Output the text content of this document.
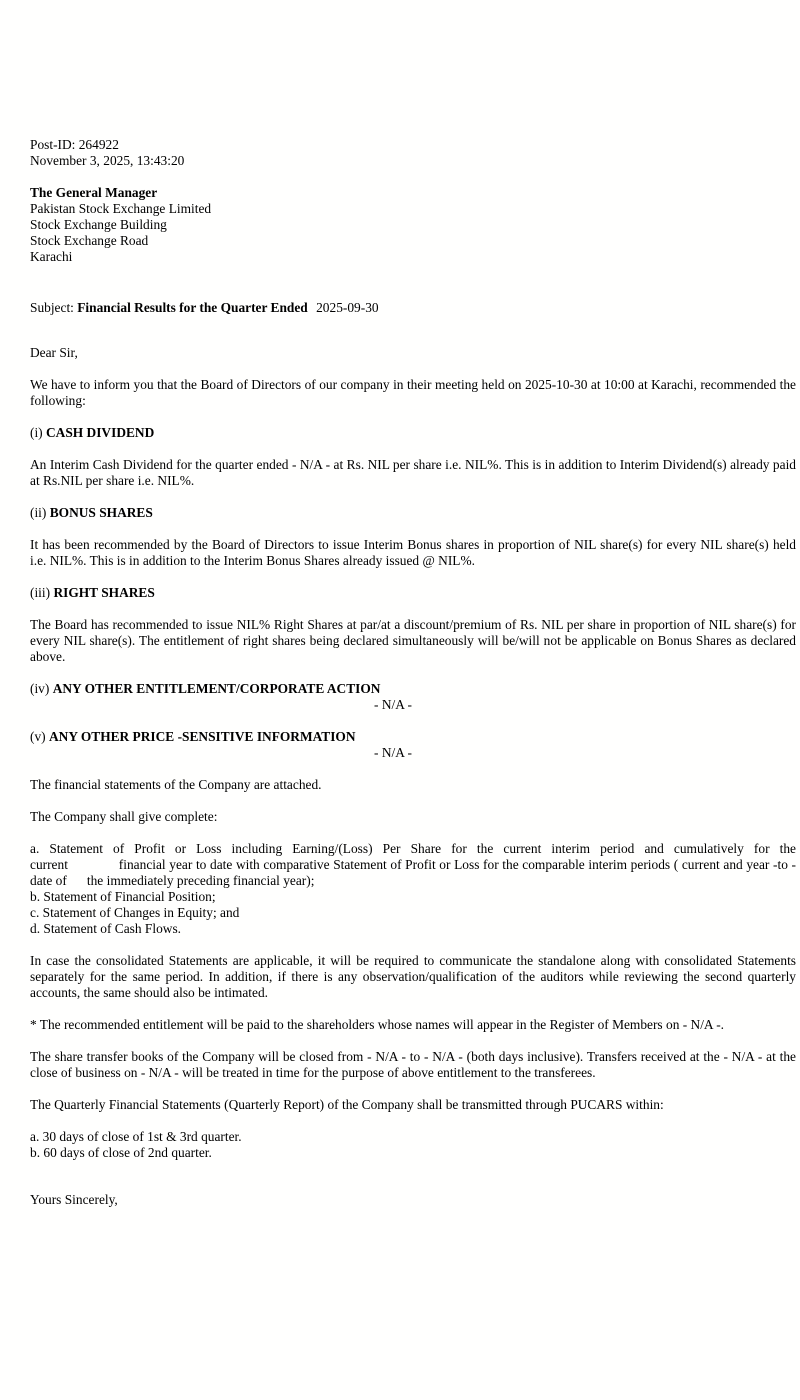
Post-ID: 264922
November 3, 2025, 13:43:20
The General Manager
Pakistan Stock Exchange Limited
Stock Exchange Building
Stock Exchange Road
Karachi
Subject: Financial Results for the Quarter Ended 2025-09-30
Dear Sir,
We have to inform you that the Board of Directors of our company in their meeting held on 2025-10-30 at 10:00 at Karachi, recommended the following:
(i) CASH DIVIDEND
An Interim Cash Dividend for the quarter ended - N/A - at Rs. NIL per share i.e. NIL%. This is in addition to Interim Dividend(s) already paid at Rs.NIL per share i.e. NIL%.
(ii) BONUS SHARES
It has been recommended by the Board of Directors to issue Interim Bonus shares in proportion of NIL share(s) for every NIL share(s) held i.e. NIL%. This is in addition to the Interim Bonus Shares already issued @ NIL%.
(iii) RIGHT SHARES
The Board has recommended to issue NIL% Right Shares at par/at a discount/premium of Rs. NIL per share in proportion of NIL share(s) for every NIL share(s). The entitlement of right shares being declared simultaneously will be/will not be applicable on Bonus Shares as declared above.
(iv) ANY OTHER ENTITLEMENT/CORPORATE ACTION
- N/A -
(v) ANY OTHER PRICE -SENSITIVE INFORMATION
- N/A -
The financial statements of the Company are attached.
The Company shall give complete:
a. Statement of Profit or Loss including Earning/(Loss) Per Share for the current interim period and cumulatively for the current              financial year to date with comparative Statement of Profit or Loss for the comparable interim periods ( current and year -to -date of      the immediately preceding financial year);
b. Statement of Financial Position;
c. Statement of Changes in Equity; and
d. Statement of Cash Flows.
In case the consolidated Statements are applicable, it will be required to communicate the standalone along with consolidated Statements separately for the same period. In addition, if there is any observation/qualification of the auditors while reviewing the second quarterly accounts, the same should also be intimated.
* The recommended entitlement will be paid to the shareholders whose names will appear in the Register of Members on - N/A -.
The share transfer books of the Company will be closed from - N/A - to - N/A - (both days inclusive). Transfers received at the - N/A - at the close of business on - N/A - will be treated in time for the purpose of above entitlement to the transferees.
The Quarterly Financial Statements (Quarterly Report) of the Company shall be transmitted through PUCARS within:
a. 30 days of close of 1st & 3rd quarter.
b. 60 days of close of 2nd quarter.
Yours Sincerely,
